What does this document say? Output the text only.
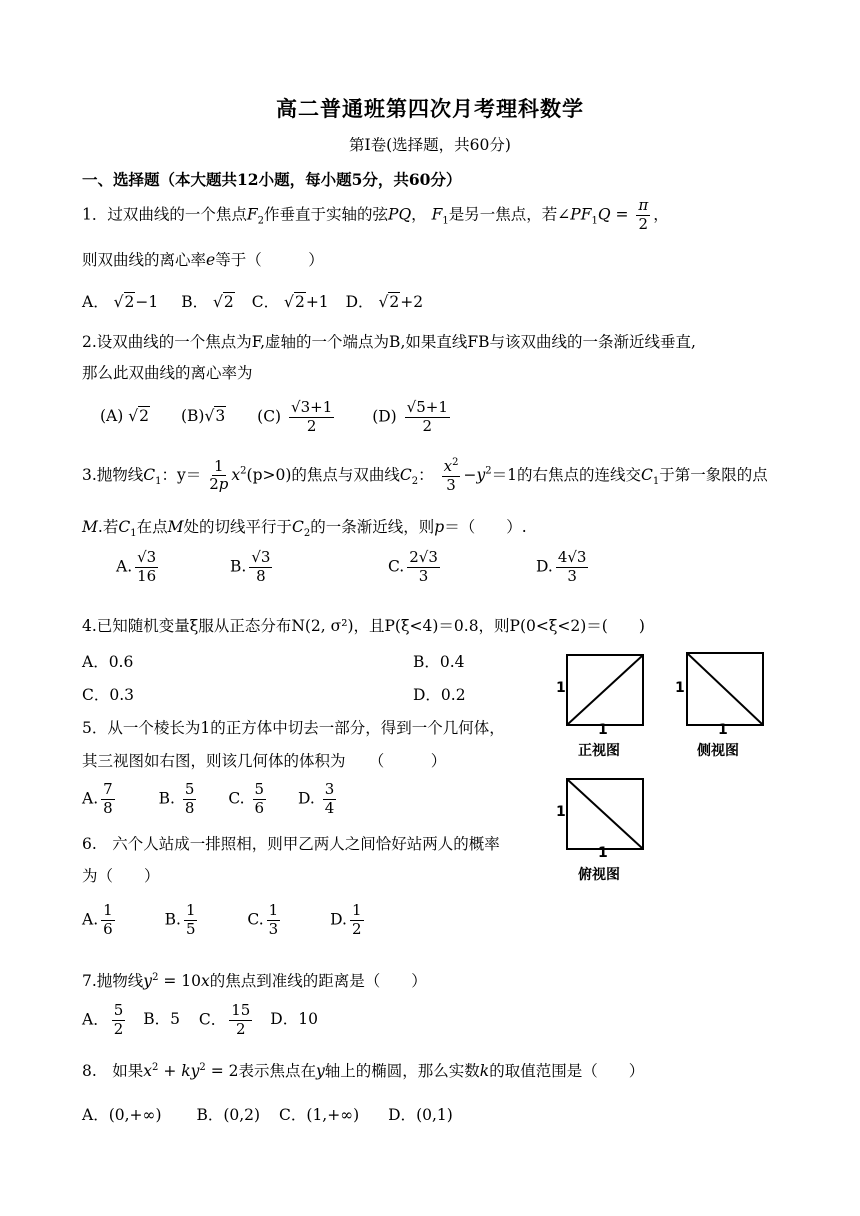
高二普通班第四次月考理科数学
第Ⅰ卷(选择题，共60分)
一、选择题（本大题共12小题，每小题5分，共60分）
1．过双曲线的一个焦点$F_2$作垂直于实轴的弦PQ， $F_1$是另一焦点，若$\angle PF_1Q = \frac{\pi}{2}$ ，
则双曲线的离心率e等于（　　　）
A． √2−1 B． √2 C． √2+1 D． √2+2
2.设双曲线的一个焦点为F,虚轴的一个端点为B,如果直线FB与该双曲线的一条渐近线垂直,
那么此双曲线的离心率为
(A) √2 (B)√3 $(C) \frac{√3+1}{2} (D) \frac{√5+1}{2}$
3.抛物线$C_1$：$y= \frac{1}{2p} x^2(p>0)$的焦点与双曲线$C_2$： $\frac{x^2}{3} -y^2=1$的右焦点的连线交$C_1$于第一象限的点
M.若$C_1$在点M处的切线平行于$C_2$的一条渐近线，则p＝（　　）.
A. $\frac{√3}{16}$	B. $\frac{√3}{8}$	C. $\frac{2√3}{3}$	D. $\frac{4√3}{3}$
4.已知随机变量ξ服从正态分布N(2, σ²)，且P(ξ<4)＝0.8，则P(0<ξ<2)＝(　　)
A．0.6	B．0.4
C．0.3	D．0.2
5．从一个棱长为1的正方体中切去一部分，得到一个几何体，
其三视图如右图，则该几何体的体积为　　（　　　）
A. $\frac{7}{8}$	B. $\frac{5}{8} C$. $\frac{5}{6} D$. $\frac{3}{4}$
1
1
正视图
1
1
侧视图
1
1
俯视图
6.　六个人站成一排照相，则甲乙两人之间恰好站两人的概率
为（　　）
A. $\frac{1}{6}$	B. $\frac{1}{5}$	C. $\frac{1}{3}$	D. $\frac{1}{2}$
7.抛物线$y^2 = 10x$的焦点到准线的距离是（　　）
A． $\frac{5}{2}$ B．5 C． $\frac{15}{2}$ D．10
8.　如果$x^2 + ky^2 = 2$表示焦点在y轴上的椭圆，那么实数k的取值范围是（　　）
A．(0,+∞) B．(0,2) C．(1,+∞) D．(0,1)
